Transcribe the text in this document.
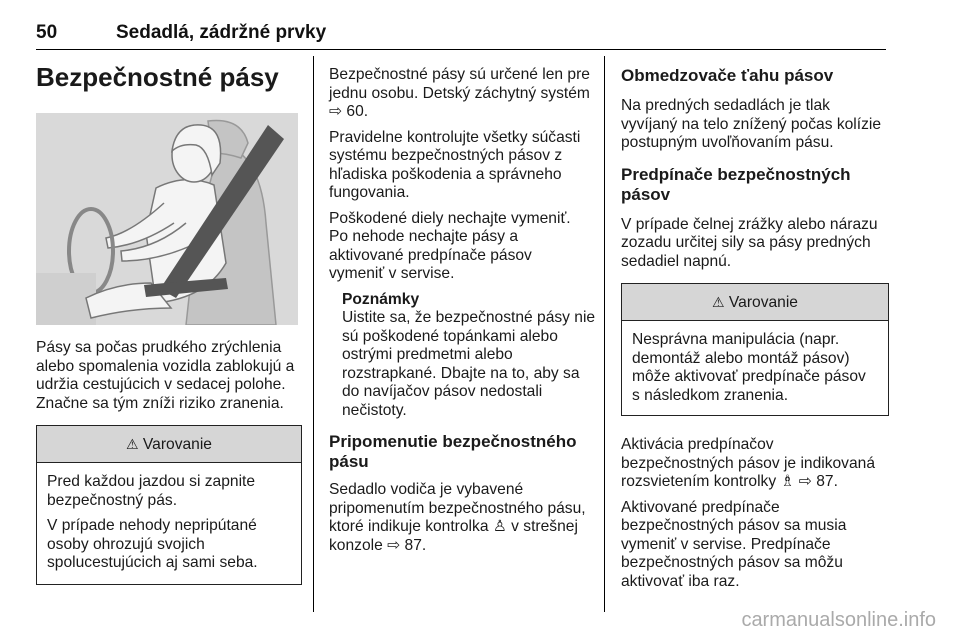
50	Sedadlá, zádržné prvky
Bezpečnostné pásy

Pásy sa počas prudkého zrýchlenia
alebo spomalenia vozidla zablokujú a
udržia cestujúcich v sedacej polohe.
Značne sa tým zníži riziko zranenia.

⚠ Varovanie

Pred každou jazdou si zapnite
bezpečnostný pás.

V prípade nehody nepripútané
osoby ohrozujú svojich
spolucestujúcich aj sami seba.

Bezpečnostné pásy sú určené len pre
jednu osobu. Detský záchytný systém
⇨ 60.

Pravidelne kontrolujte všetky súčasti
systému bezpečnostných pásov z
hľadiska poškodenia a správneho
fungovania.

Poškodené diely nechajte vymeniť.
Po nehode nechajte pásy a
aktivované predpínače pásov
vymeniť v servise.

Poznámky
Uistite sa, že bezpečnostné pásy nie
sú poškodené topánkami alebo
ostrými predmetmi alebo
rozstrapkané. Dbajte na to, aby sa
do navíjačov pásov nedostali
nečistoty.
Pripomenutie bezpečnostného
pásu

Sedadlo vodiča je vybavené
pripomenutím bezpečnostného pásu,
ktoré indikuje kontrolka ♙ v strešnej
konzole ⇨ 87.

Obmedzovače ťahu pásov

Na predných sedadlách je tlak
vyvíjaný na telo znížený počas kolízie
postupným uvoľňovaním pásu.

Predpínače bezpečnostných
pásov

V prípade čelnej zrážky alebo nárazu
zozadu určitej sily sa pásy predných
sedadiel napnú.

⚠ Varovanie
Nesprávna manipulácia (napr.
demontáž alebo montáž pásov)
môže aktivovať predpínače pásov
s následkom zranenia.

Aktivácia predpínačov
bezpečnostných pásov je indikovaná
rozsvietením kontrolky ♗ ⇨ 87.

Aktivované predpínače
bezpečnostných pásov sa musia
vymeniť v servise. Predpínače
bezpečnostných pásov sa môžu
aktivovať iba raz.

carmanualsonline.info
